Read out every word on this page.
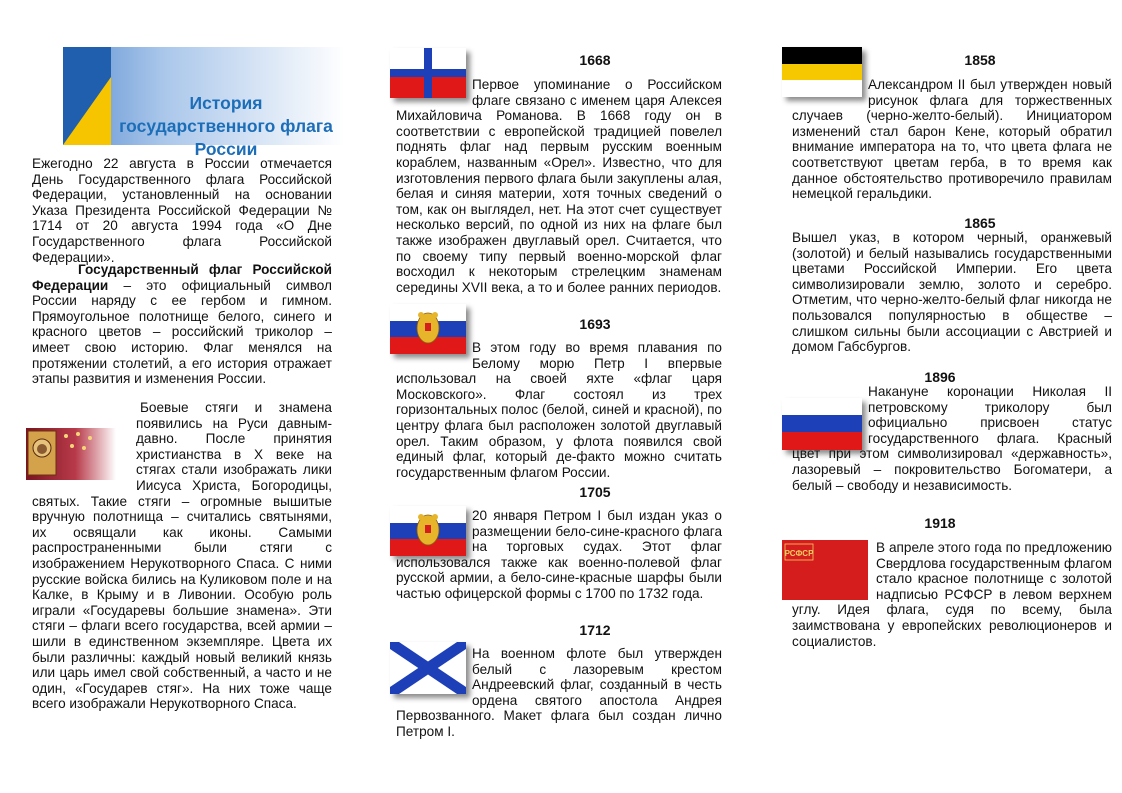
История государственного флага России
Ежегодно 22 августа в России отмечается День Государственного флага Российской Федерации, установленный на основании Указа Президента Российской Федерации № 1714 от 20 августа 1994 года «О Дне Государственного флага Российской Федерации».
Государственный флаг Российской Федерации – это официальный символ России наряду с ее гербом и гимном. Прямоугольное полотнище белого, синего и красного цветов – российский триколор – имеет свою историю. Флаг менялся на протяжении столетий, а его история отражает этапы развития и изменения России.
Боевые стяги и знамена появились на Руси давным-давно. После принятия христианства в X веке на стягах стали изображать лики Иисуса Христа, Богородицы, святых. Такие стяги – огромные вышитые вручную полотнища – считались святынями, их освящали как иконы. Самыми распространенными были стяги с изображением Нерукотворного Спаса. С ними русские войска бились на Куликовом поле и на Калке, в Крыму и в Ливонии. Особую роль играли «Государевы большие знамена». Эти стяги – флаги всего государства, всей армии – шили в единственном экземпляре. Цвета их были различны: каждый новый великий князь или царь имел свой собственный, а часто и не один, «Государев стяг». На них тоже чаще всего изображали Нерукотворного Спаса.
1668
Первое упоминание о Российском флаге связано с именем царя Алексея Михайловича Романова. В 1668 году он в соответствии с европейской традицией повелел поднять флаг над первым русским военным кораблем, названным «Орел». Известно, что для изготовления первого флага были закуплены алая, белая и синяя материи, хотя точных сведений о том, как он выглядел, нет. На этот счет существует несколько версий, по одной из них на флаге был также изображен двуглавый орел. Считается, что по своему типу первый военно-морской флаг восходил к некоторым стрелецким знаменам середины XVII века, а то и более ранних периодов.
1693
В этом году во время плавания по Белому морю Петр I впервые использовал на своей яхте «флаг царя Московского». Флаг состоял из трех горизонтальных полос (белой, синей и красной), по центру флага был расположен золотой двуглавый орел. Таким образом, у флота появился свой единый флаг, который де-факто можно считать государственным флагом России.
1705
20 января Петром I был издан указ о размещении бело-сине-красного флага на торговых судах. Этот флаг использовался также как военно-полевой флаг русской армии, а бело-сине-красные шарфы были частью офицерской формы с 1700 по 1732 года.
1712
На военном флоте был утвержден белый с лазоревым крестом Андреевский флаг, созданный в честь ордена святого апостола Андрея Первозванного. Макет флага был создан лично Петром I.
1858
Александром II был утвержден новый рисунок флага для торжественных случаев (черно-желто-белый). Инициатором изменений стал барон Кене, который обратил внимание императора на то, что цвета флага не соответствуют цветам герба, в то время как данное обстоятельство противоречило правилам немецкой геральдики.
1865
Вышел указ, в котором черный, оранжевый (золотой) и белый назывались государственными цветами Российской Империи. Его цвета символизировали землю, золото и серебро. Отметим, что черно-желто-белый флаг никогда не пользовался популярностью в обществе – слишком сильны были ассоциации с Австрией и домом Габсбургов.
1896
Накануне коронации Николая II петровскому триколору был официально присвоен статус государственного флага. Красный цвет при этом символизировал «державность», лазоревый – покровительство Богоматери, а белый – свободу и независимость.
РСФСР
1918
В апреле этого года по предложению Свердлова государственным флагом стало красное полотнище с золотой надписью РСФСР в левом верхнем углу. Идея флага, судя по всему, была заимствована у европейских революционеров и социалистов.
